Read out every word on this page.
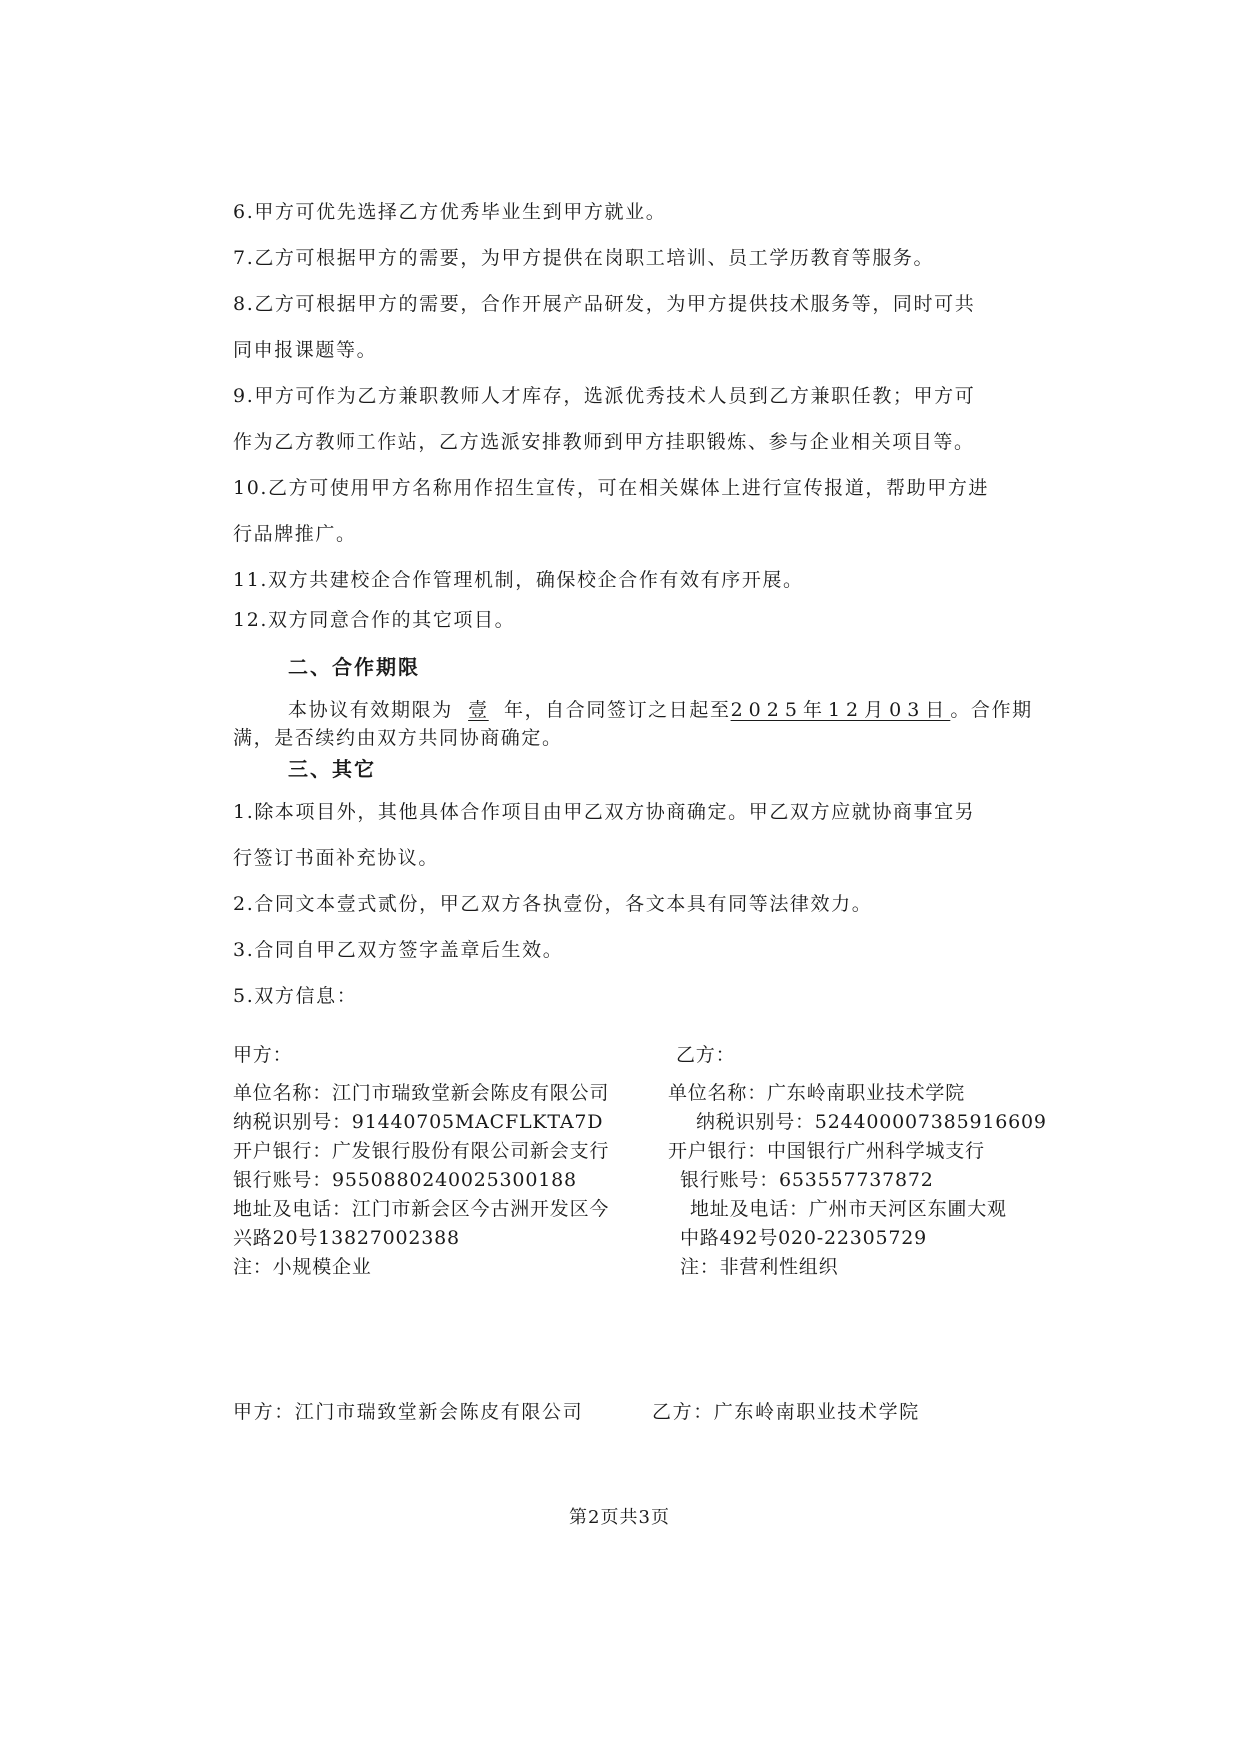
6.甲方可优先选择乙方优秀毕业生到甲方就业。
7.乙方可根据甲方的需要，为甲方提供在岗职工培训、员工学历教育等服务。
8.乙方可根据甲方的需要，合作开展产品研发，为甲方提供技术服务等，同时可共
同申报课题等。
9.甲方可作为乙方兼职教师人才库存，选派优秀技术人员到乙方兼职任教；甲方可
作为乙方教师工作站，乙方选派安排教师到甲方挂职锻炼、参与企业相关项目等。
10.乙方可使用甲方名称用作招生宣传，可在相关媒体上进行宣传报道，帮助甲方进
行品牌推广。
11.双方共建校企合作管理机制，确保校企合作有效有序开展。
12.双方同意合作的其它项目。
二、合作期限
本协议有效期限为 壹 年，自合同签订之日起至2025年12月03日。合作期
满，是否续约由双方共同协商确定。
三、其它
1.除本项目外，其他具体合作项目由甲乙双方协商确定。甲乙双方应就协商事宜另
行签订书面补充协议。
2.合同文本壹式贰份，甲乙双方各执壹份，各文本具有同等法律效力。
3.合同自甲乙双方签字盖章后生效。
5.双方信息：
甲方：
单位名称：江门市瑞致堂新会陈皮有限公司
纳税识别号：91440705MACFLKTA7D
开户银行：广发银行股份有限公司新会支行
银行账号：9550880240025300188
地址及电话：江门市新会区今古洲开发区今
兴路20号13827002388
注：小规模企业
乙方：
单位名称：广东岭南职业技术学院
纳税识别号：524400007385916609
开户银行：中国银行广州科学城支行
银行账号：653557737872
地址及电话：广州市天河区东圃大观
中路492号020-22305729
注：非营利性组织
甲方：江门市瑞致堂新会陈皮有限公司	乙方：广东岭南职业技术学院
第2页共3页
